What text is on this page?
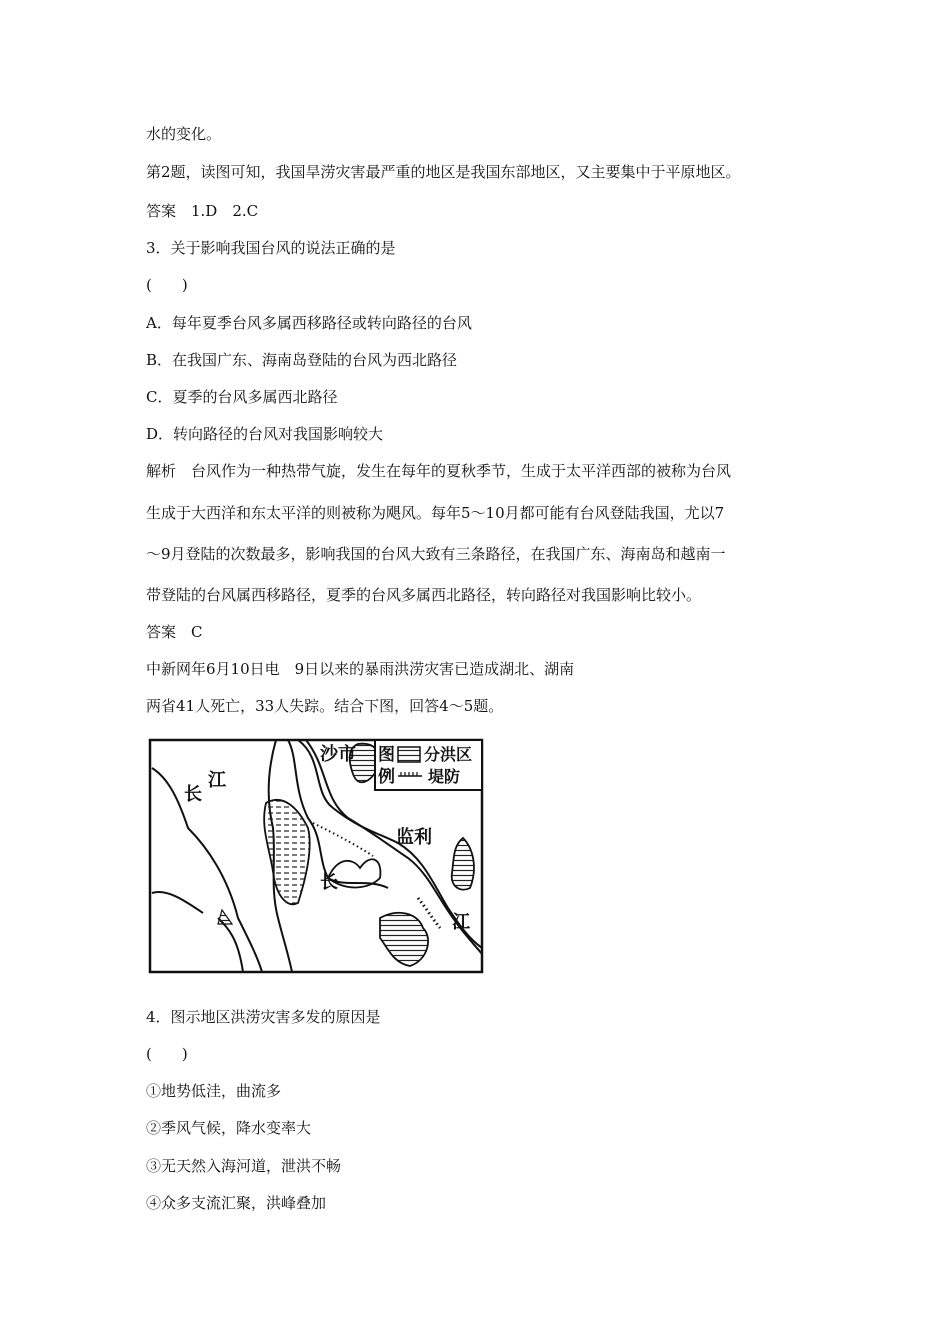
水的变化。
第2题，读图可知，我国旱涝灾害最严重的地区是我国东部地区，又主要集中于平原地区。
答案　1.D　2.C
3．关于影响我国台风的说法正确的是
(　　)
A．每年夏季台风多属西移路径或转向路径的台风
B．在我国广东、海南岛登陆的台风为西北路径
C．夏季的台风多属西北路径
D．转向路径的台风对我国影响较大
解析　台风作为一种热带气旋，发生在每年的夏秋季节，生成于太平洋西部的被称为台风
生成于大西洋和东太平洋的则被称为飓风。每年5～10月都可能有台风登陆我国，尤以7
～9月登陆的次数最多，影响我国的台风大致有三条路径，在我国广东、海南岛和越南一
带登陆的台风属西移路径，夏季的台风多属西北路径，转向路径对我国影响比较小。
答案　C
中新网年6月10日电　9日以来的暴雨洪涝灾害已造成湖北、湖南
两省41人死亡，33人失踪。结合下图，回答4～5题。
沙市
监利
长
江
长
江
图
例
分洪区
堤防
4．图示地区洪涝灾害多发的原因是
(　　)
①地势低洼，曲流多
②季风气候，降水变率大
③无天然入海河道，泄洪不畅
④众多支流汇聚，洪峰叠加
